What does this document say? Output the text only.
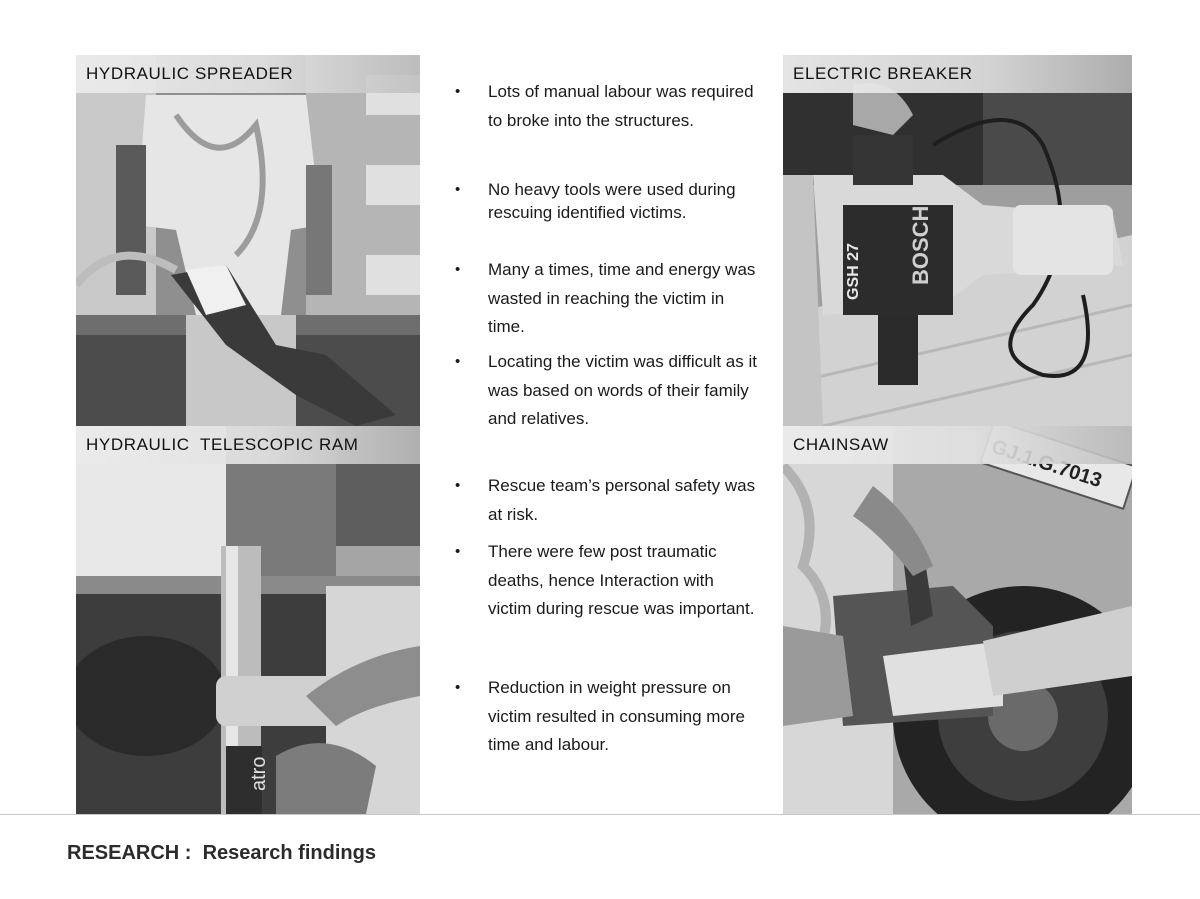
HYDRAULIC SPREADER
atro
HYDRAULIC  TELESCOPIC RAM
•	Lots of manual labour was required to broke into the structures.
•	No heavy tools were used during rescuing identified victims.
•	Many a times, time and energy was wasted in reaching the victim in time.
•	Locating the victim was difficult as it was based on words of their family and relatives.
•	Rescue team’s personal safety was at risk.
•	There were few post traumatic deaths, hence Interaction with victim during rescue was important.
•	Reduction in weight pressure on victim resulted in consuming more time and labour.
BOSCH
GSH 27
ELECTRIC BREAKER
CHAINSAW
RESEARCH :  Research findings
